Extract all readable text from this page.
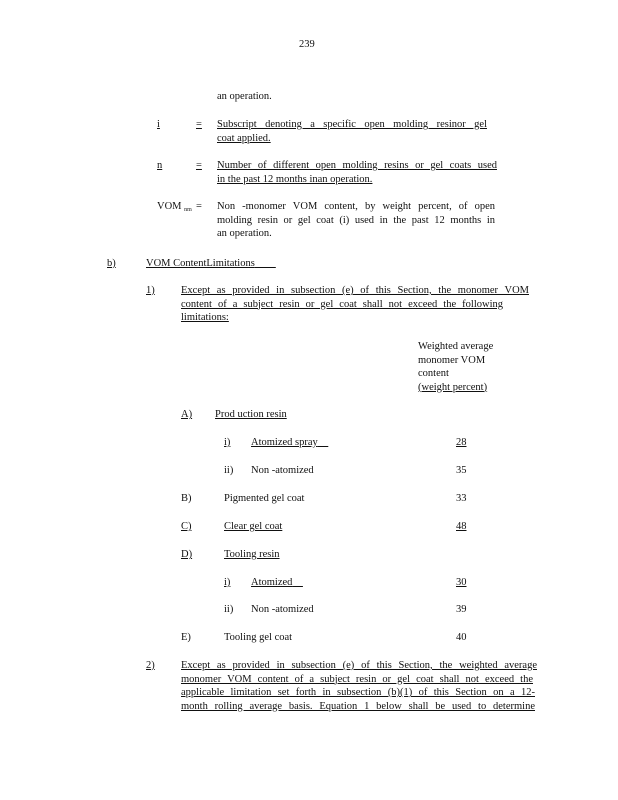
239
an operation.
i	= Subscript denoting a specific open molding resinor gel
coat applied.
n	= Number of different open molding resins or gel coats used
in the past 12 months inan operation.
VOM $_{nm}$ = Non -monomer VOM content, by weight percent, of open
molding resin or gel coat (i) used in the past 12 months in
an operation.
b)	VOM ContentLimitations  
1)	Except as provided in subsection (e) of this Section, the monomer VOM
content of a subject resin or gel coat shall not exceed the following
limitations:
Weighted average
monomer VOM
content
(weight percent)
A) Prod uction resin
i) Atomized spray  	28
ii) Non -atomized	35
B)	Pigmented gel coat	33
C)	Clear gel coat	48
D)	Tooling resin
i) Atomized  	30
ii) Non -atomized	39
E)	Tooling gel coat	40
2)	Except as provided in subsection (e) of this Section, the weighted average
monomer VOM content of a subject resin or gel coat shall not exceed the
applicable limitation set forth in subsection (b)(1) of this Section on a 12-
month rolling average basis. Equation 1 below shall be used to determine
